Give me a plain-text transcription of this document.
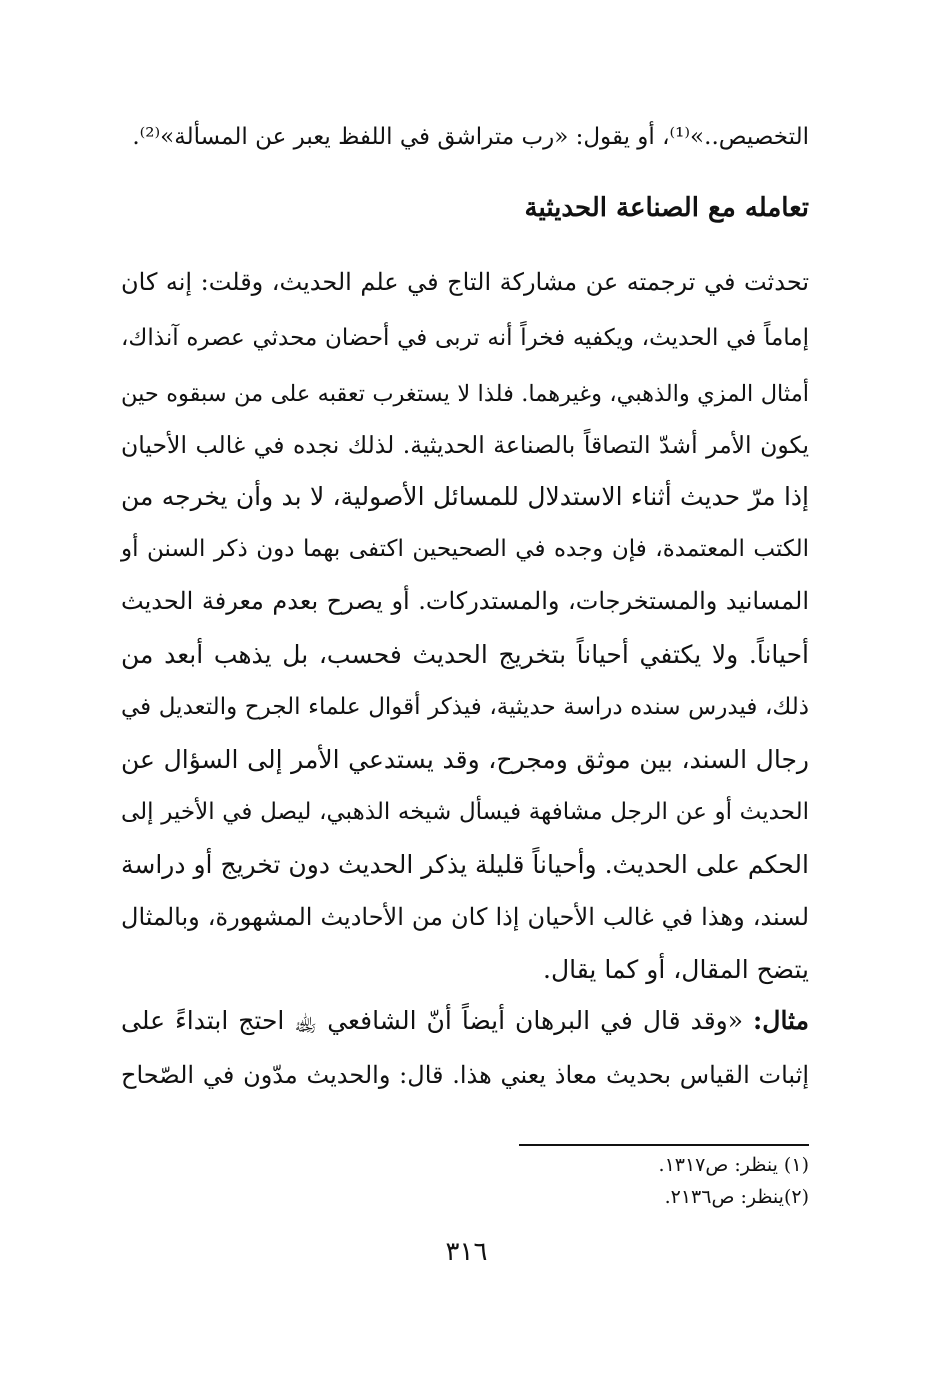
التخصيص..»⁽¹⁾، أو يقول: «رب متراشق في اللفظ يعبر عن المسألة»⁽²⁾.
تعامله مع الصناعة الحديثية
تحدثت في ترجمته عن مشاركة التاج في علم الحديث، وقلت: إنه كان
إماماً في الحديث، ويكفيه فخراً أنه تربى في أحضان محدثي عصره آنذاك،
أمثال المزي والذهبي، وغيرهما. فلذا لا يستغرب تعقبه على من سبقوه حين
يكون الأمر أشدّ التصاقاً بالصناعة الحديثية. لذلك نجده في غالب الأحيان
إذا مرّ حديث أثناء الاستدلال للمسائل الأصولية، لا بد وأن يخرجه من
الكتب المعتمدة، فإن وجده في الصحيحين اكتفى بهما دون ذكر السنن أو
المسانيد والمستخرجات، والمستدركات. أو يصرح بعدم معرفة الحديث
أحياناً. ولا يكتفي أحياناً بتخريج الحديث فحسب، بل يذهب أبعد من
ذلك، فيدرس سنده دراسة حديثية، فيذكر أقوال علماء الجرح والتعديل في
رجال السند، بين موثق ومجرح، وقد يستدعي الأمر إلى السؤال عن
الحديث أو عن الرجل مشافهة فيسأل شيخه الذهبي، ليصل في الأخير إلى
الحكم على الحديث. وأحياناً قليلة يذكر الحديث دون تخريج أو دراسة
لسند، وهذا في غالب الأحيان إذا كان من الأحاديث المشهورة، وبالمثال
يتضح المقال، أو كما يقال.
مثال: «وقد قال في البرهان أيضاً أنّ الشافعي ﵀ احتج ابتداءً على
إثبات القياس بحديث معاذ يعني هذا. قال: والحديث مدّون في الصّحاح
(١) ينظر: ص١٣١٧.
(٢)ينظر: ص٢١٣٦.
٣١٦
